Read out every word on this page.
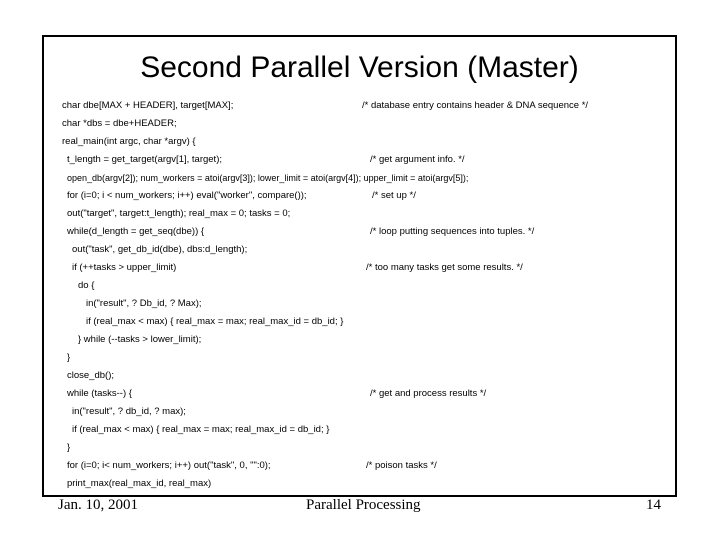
Second Parallel Version (Master)
char dbe[MAX + HEADER], target[MAX];
char *dbs = dbe+HEADER;
real_main(int argc, char *argv) {
t_length = get_target(argv[1], target);
open_db(argv[2]); num_workers = atoi(argv[3]); lower_limit = atoi(argv[4]); upper_limit = atoi(argv[5]);
for (i=0; i < num_workers; i++) eval("worker", compare());
out("target", target:t_length); real_max = 0; tasks = 0;
while(d_length = get_seq(dbe)) {
out("task", get_db_id(dbe), dbs:d_length);
if (++tasks > upper_limit)
do {
in("result", ? Db_id, ? Max);
if (real_max < max) { real_max = max; real_max_id = db_id; }
} while (--tasks > lower_limit);
}
close_db();
while (tasks--) {
in("result", ? db_id, ? max);
if (real_max < max) { real_max = max; real_max_id = db_id; }
}
for (i=0; i< num_workers; i++) out("task", 0, "":0);
print_max(real_max_id, real_max)
/* database entry contains header & DNA sequence */
/* get argument info. */
/* set up */
/* loop putting sequences into tuples. */
/* too many tasks get some results. */
/* get and process results */
/* poison tasks */
Jan. 10, 2001	Parallel Processing	14
